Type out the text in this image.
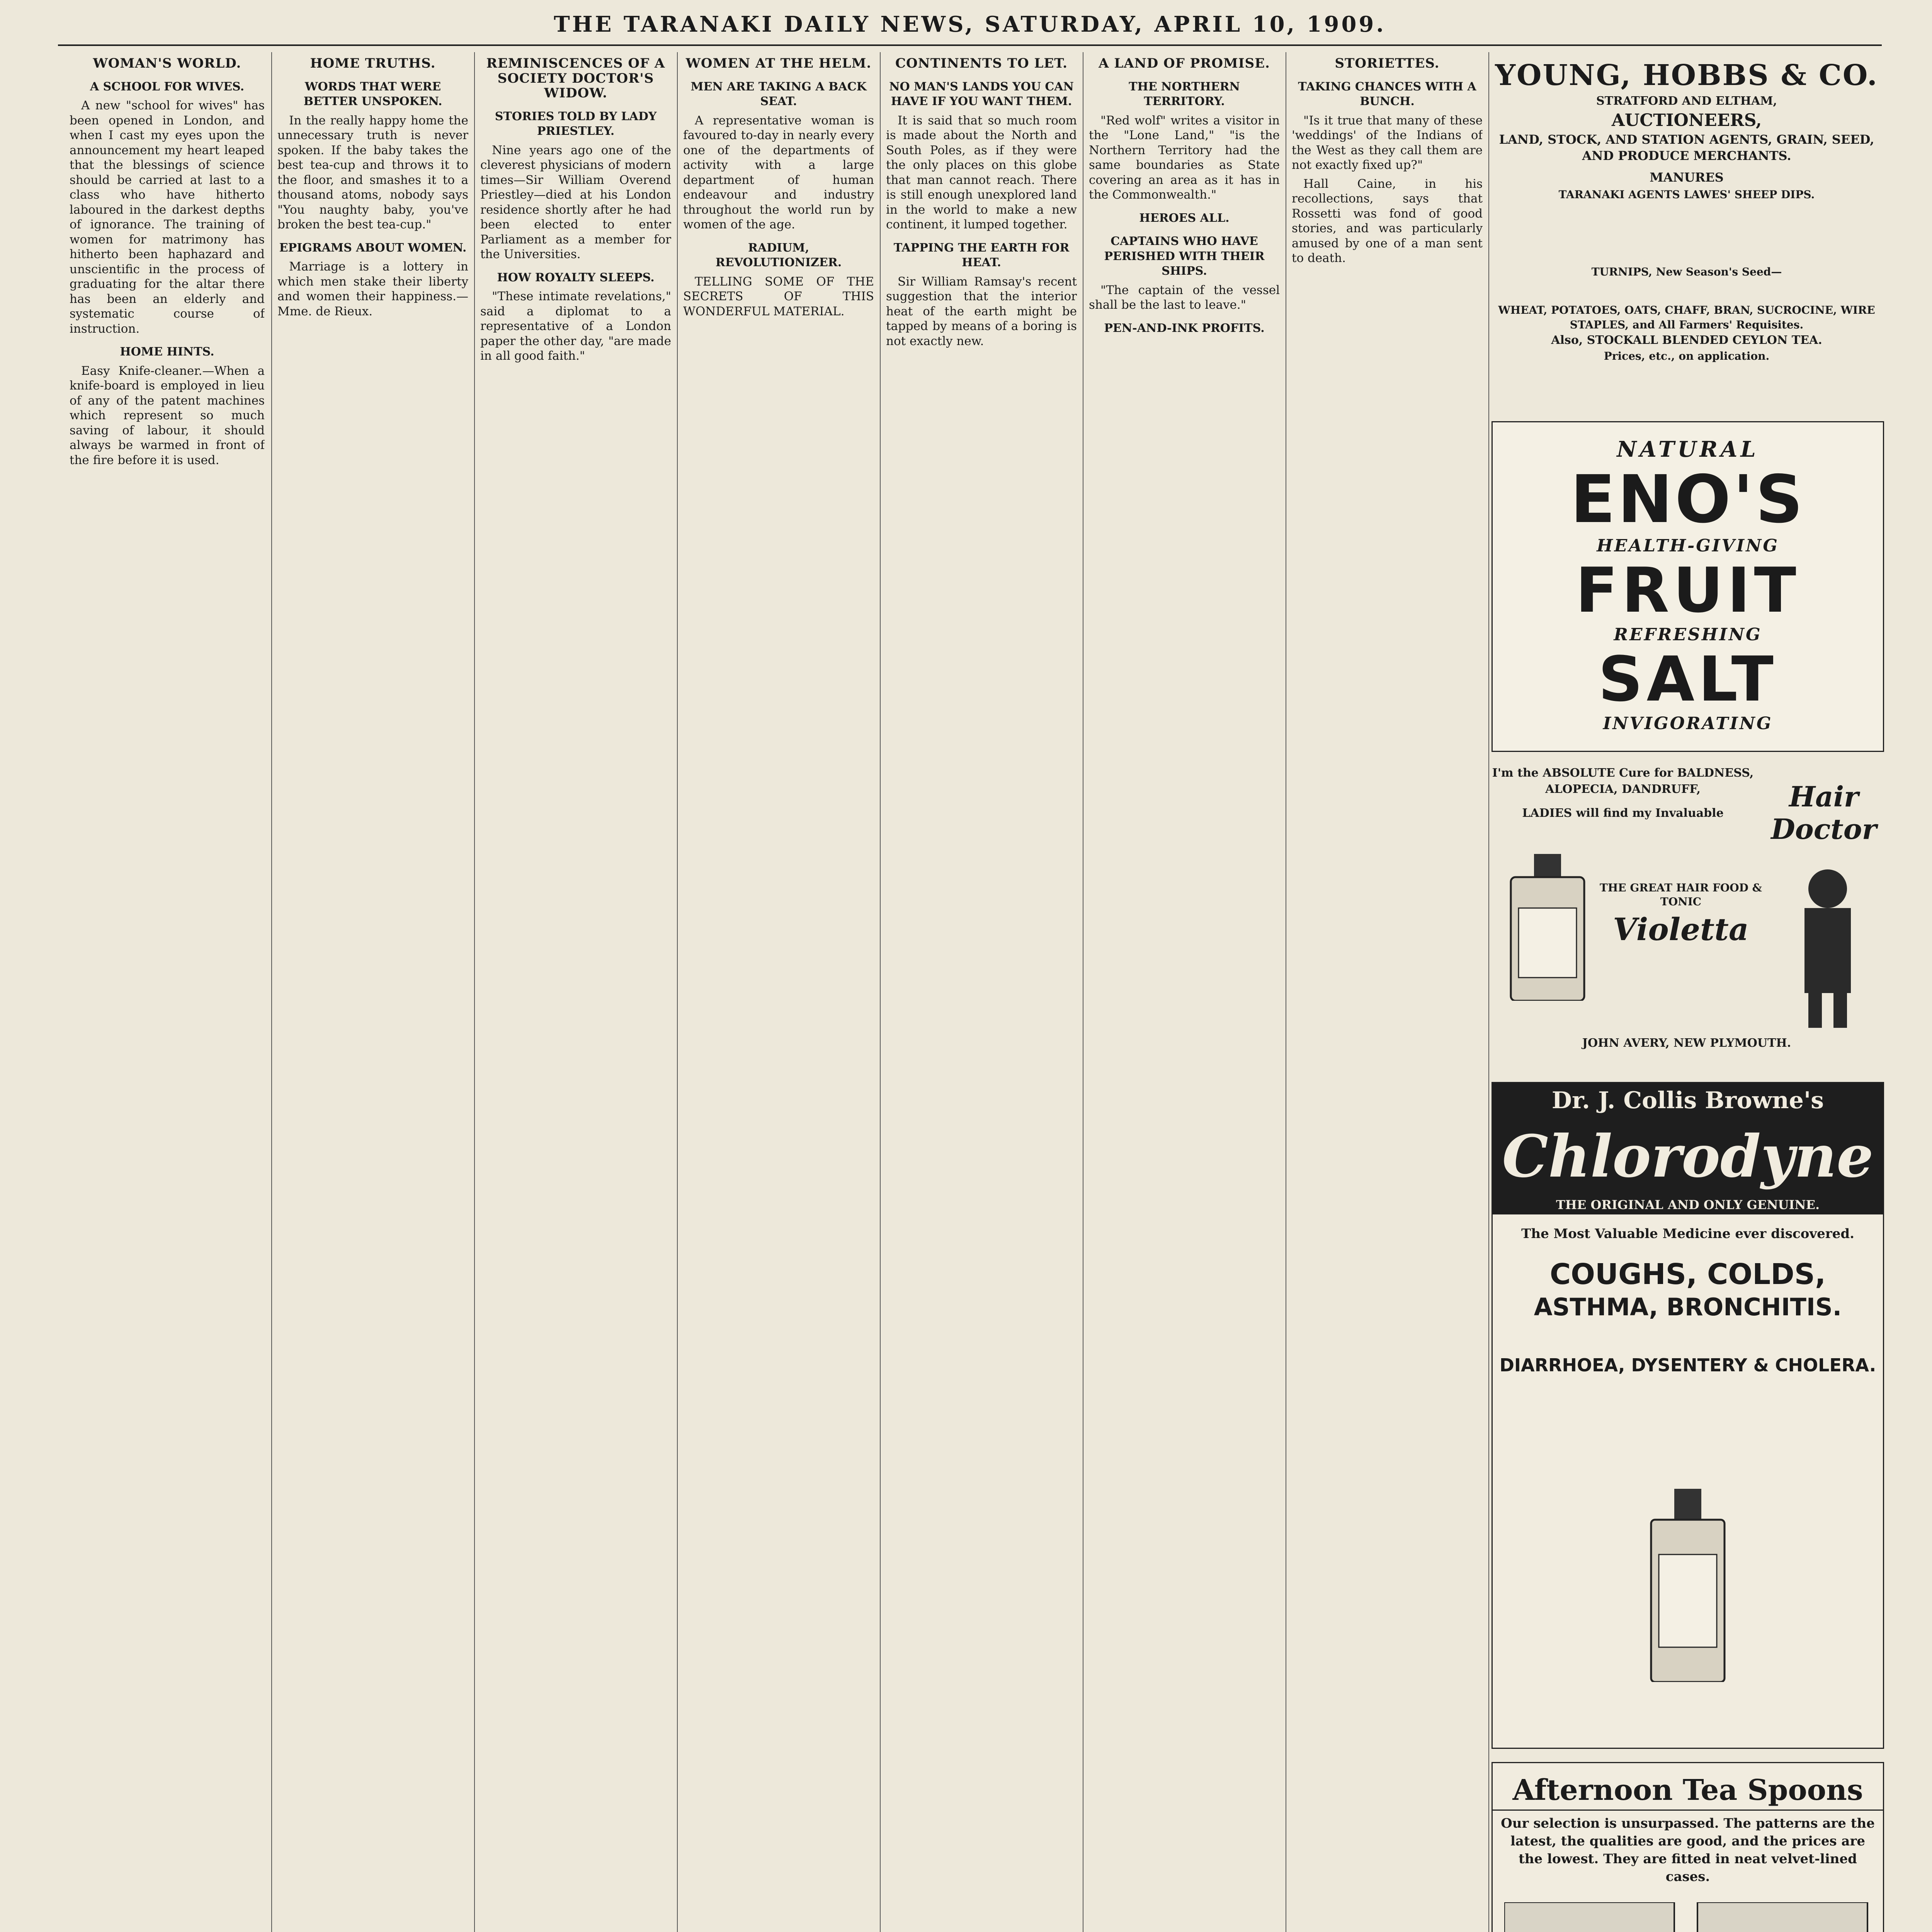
THE TARANAKI DAILY NEWS, SATURDAY, APRIL 10, 1909.
WOMAN'S WORLD.
A SCHOOL FOR WIVES.

A new "school for wives" has been opened in London, and when I cast my eyes upon the announcement my heart leaped that the blessings of science should be carried at last to a class who have hitherto laboured in the darkest depths of ignorance. The training of women for matrimony has hitherto been haphazard and unscientific in the process of graduating for the altar there has been an elderly and systematic course of instruction.

HOME HINTS.

Easy Knife-cleaner.—When a knife-board is employed in lieu of any of the patent machines which represent so much saving of labour, it should always be warmed in front of the fire before it is used.

HOME TRUTHS.
WORDS THAT WERE BETTER UNSPOKEN.

In the really happy home the unnecessary truth is never spoken. If the baby takes the best tea-cup and throws it to the floor, and smashes it to a thousand atoms, nobody says "You naughty baby, you've broken the best tea-cup."

EPIGRAMS ABOUT WOMEN.

Marriage is a lottery in which men stake their liberty and women their happiness.—Mme. de Rieux.

REMINISCENCES OF A SOCIETY DOCTOR'S WIDOW.
STORIES TOLD BY LADY PRIESTLEY.

Nine years ago one of the cleverest physicians of modern times—Sir William Overend Priestley—died at his London residence shortly after he had been elected to enter Parliament as a member for the Universities.

HOW ROYALTY SLEEPS.

"These intimate revelations," said a diplomat to a representative of a London paper the other day, "are made in all good faith."

WOMEN AT THE HELM.
MEN ARE TAKING A BACK SEAT.

A representative woman is favoured to-day in nearly every one of the departments of activity with a large department of human endeavour and industry throughout the world run by women of the age.

RADIUM, REVOLUTIONIZER.

TELLING SOME OF THE SECRETS OF THIS WONDERFUL MATERIAL.

CONTINENTS TO LET.
NO MAN'S LANDS YOU CAN HAVE IF YOU WANT THEM.

It is said that so much room is made about the North and South Poles, as if they were the only places on this globe that man cannot reach. There is still enough unexplored land in the world to make a new continent, it lumped together.

TAPPING THE EARTH FOR HEAT.

Sir William Ramsay's recent suggestion that the interior heat of the earth might be tapped by means of a boring is not exactly new.

A LAND OF PROMISE.
THE NORTHERN TERRITORY.

"Red wolf" writes a visitor in the "Lone Land," "is the Northern Territory had the same boundaries as State covering an area as it has in the Commonwealth."

HEROES ALL.
CAPTAINS WHO HAVE PERISHED WITH THEIR SHIPS.

"The captain of the vessel shall be the last to leave."

PEN-AND-INK PROFITS.

STORIETTES.
TAKING CHANCES WITH A BUNCH.

"Is it true that many of these 'weddings' of the Indians of the West as they call them are not exactly fixed up?"

Hall Caine, in his recollections, says that Rossetti was fond of good stories, and was particularly amused by one of a man sent to death.

YOUNG, HOBBS & CO.
STRATFORD AND ELTHAM,
AUCTIONEERS,
LAND, STOCK, AND STATION AGENTS, GRAIN, SEED, AND PRODUCE MERCHANTS.
MANURES
TARANAKI AGENTS LAWES' SHEEP DIPS.
TURNIPS, New Season's Seed—
WHEAT, POTATOES, OATS, CHAFF, BRAN, SUCROCINE, WIRE STAPLES, and All Farmers' Requisites.
Also, STOCKALL BLENDED CEYLON TEA.
Prices, etc., on application.
NATURAL
ENO'S
HEALTH-GIVING
FRUIT
REFRESHING
SALT
INVIGORATING
I'm the ABSOLUTE Cure for BALDNESS, ALOPECIA, DANDRUFF,
LADIES will find my Invaluable
Violetta
THE GREAT HAIR FOOD & TONIC
Hair Doctor
JOHN AVERY, NEW PLYMOUTH.
Dr. J. Collis Browne's
Chlorodyne
THE ORIGINAL AND ONLY GENUINE.
The Most Valuable Medicine ever discovered.
COUGHS, COLDS,
ASTHMA, BRONCHITIS.
DIARRHOEA, DYSENTERY & CHOLERA.
Afternoon Tea Spoons
Our selection is unsurpassed. The patterns are the latest, the qualities are good, and the prices are the lowest. They are fitted in neat velvet-lined cases.
